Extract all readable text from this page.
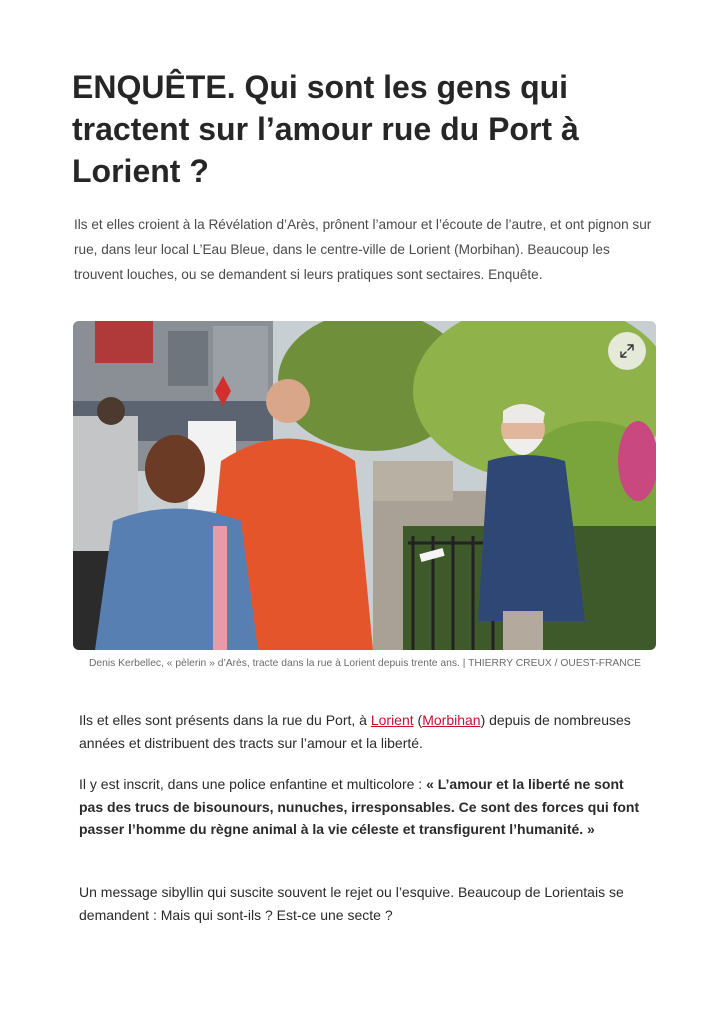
ENQUÊTE. Qui sont les gens qui tractent sur l’amour rue du Port à Lorient ?

Ils et elles croient à la Révélation d’Arès, prônent l’amour et l’écoute de l’autre, et ont pignon sur rue, dans leur local L’Eau Bleue, dans le centre-ville de Lorient (Morbihan). Beaucoup les trouvent louches, ou se demandent si leurs pratiques sont sectaires. Enquête.

Denis Kerbellec, « pèlerin » d’Arès, tracte dans la rue à Lorient depuis trente ans. | THIERRY CREUX / OUEST-FRANCE

Ils et elles sont présents dans la rue du Port, à Lorient (Morbihan) depuis de nombreuses années et distribuent des tracts sur l’amour et la liberté.

Il y est inscrit, dans une police enfantine et multicolore : « L’amour et la liberté ne sont pas des trucs de bisounours, nunuches, irresponsables. Ce sont des forces qui font passer l’homme du règne animal à la vie céleste et transfigurent l’humanité. »

Un message sibyllin qui suscite souvent le rejet ou l’esquive. Beaucoup de Lorientais se demandent : Mais qui sont-ils ? Est-ce une secte ?
